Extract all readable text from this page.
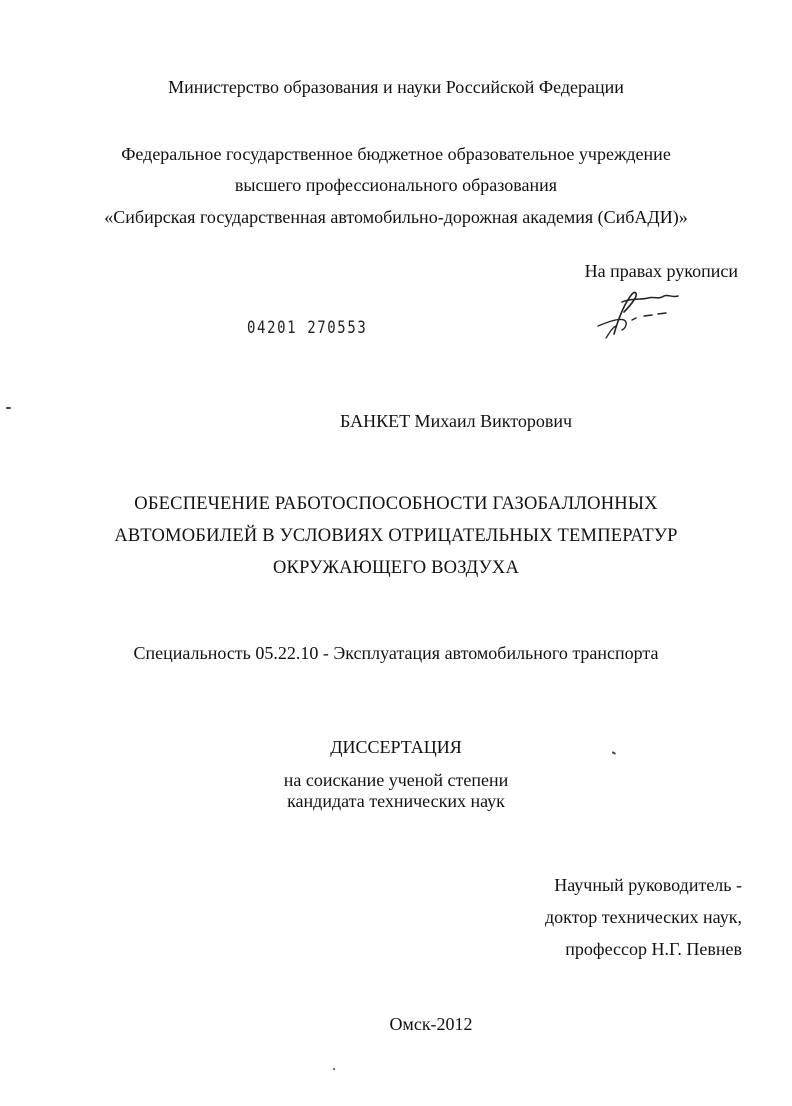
Министерство образования и науки Российской Федерации
Федеральное государственное бюджетное образовательное учреждение
высшего профессионального образования
«Сибирская государственная автомобильно-дорожная академия (СибАДИ)»
На правах рукописи
04201 270553
БАНКЕТ Михаил Викторович
ОБЕСПЕЧЕНИЕ РАБОТОСПОСОБНОСТИ ГАЗОБАЛЛОННЫХ
АВТОМОБИЛЕЙ В УСЛОВИЯХ ОТРИЦАТЕЛЬНЫХ ТЕМПЕРАТУР
ОКРУЖАЮЩЕГО ВОЗДУХА
Специальность 05.22.10 - Эксплуатация автомобильного транспорта
ДИССЕРТАЦИЯ
на соискание ученой степени
кандидата технических наук
Научный руководитель -
доктор технических наук,
профессор Н.Г. Певнев
Омск-2012
